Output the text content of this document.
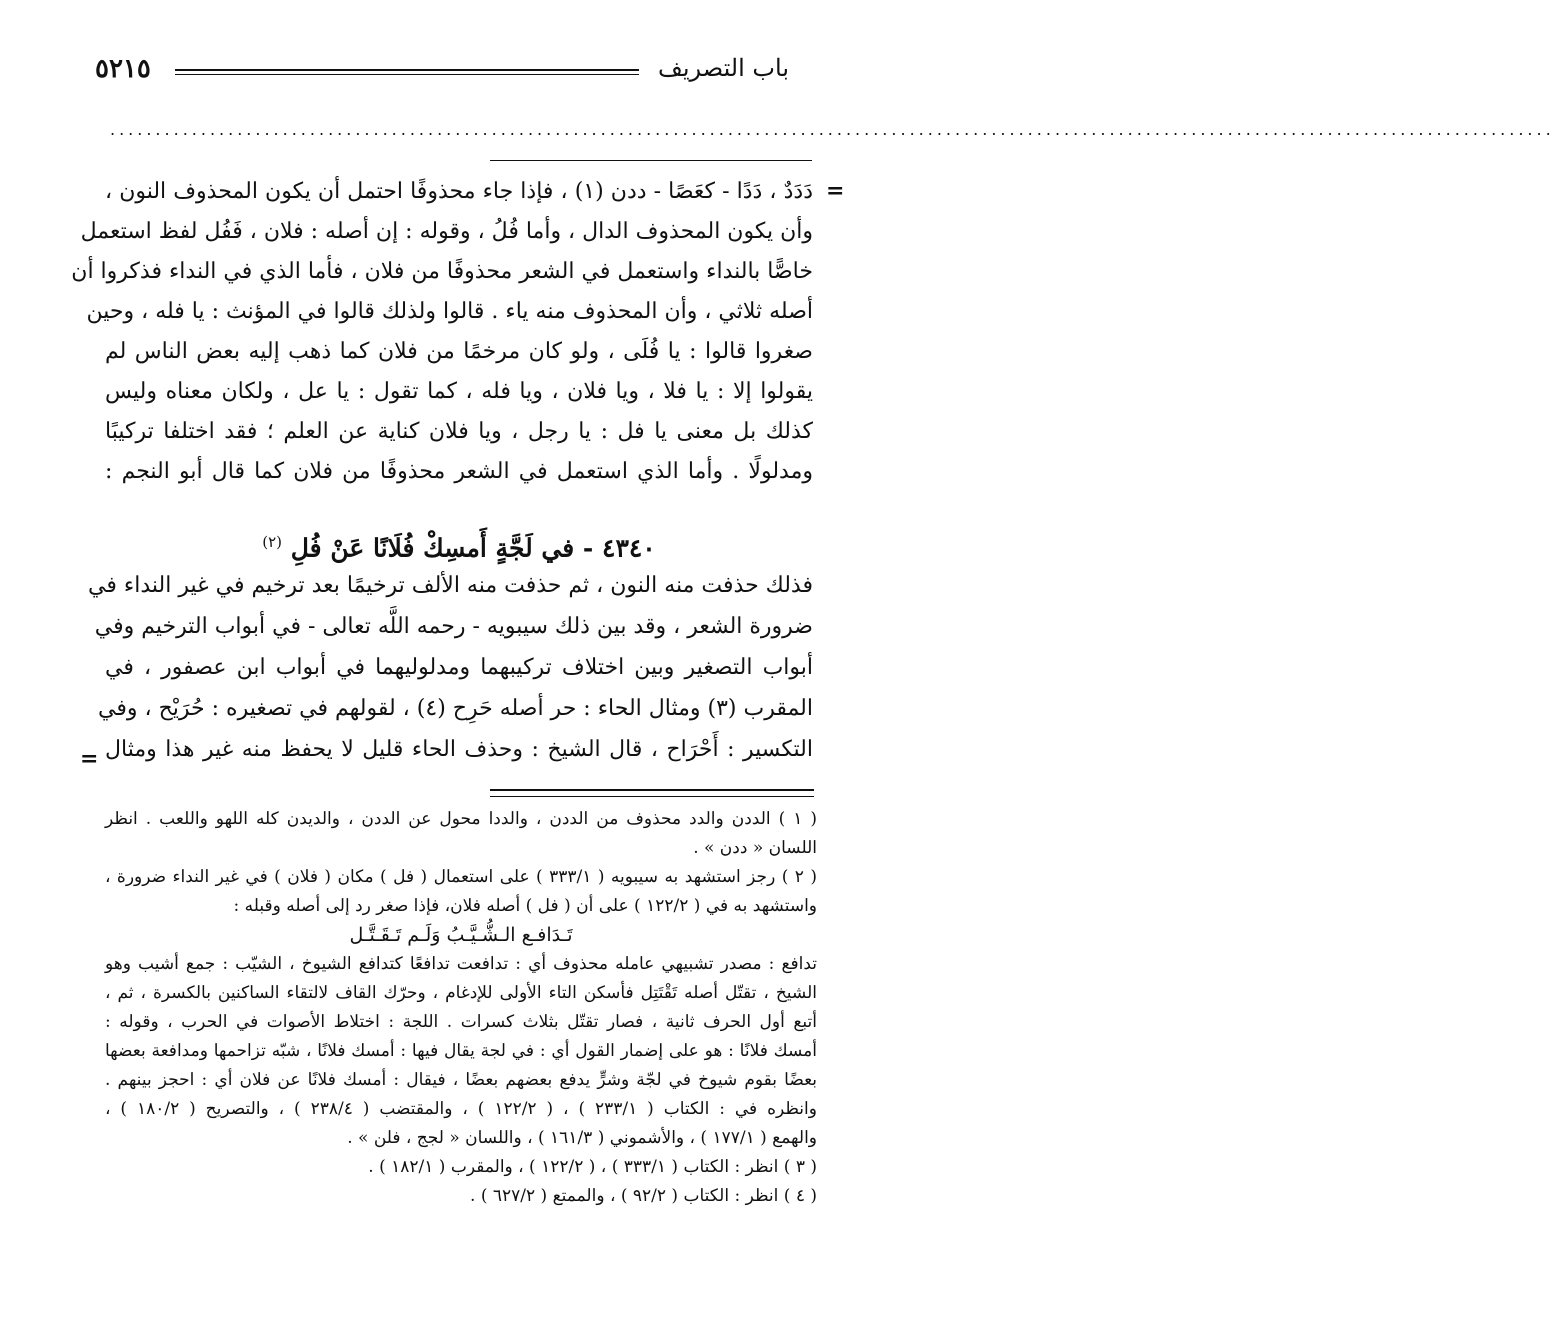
٥٢١٥	باب التصريف
...............................................................................................................................................................
=
دَدَدٌ ، دَدًا - كعَصًا - ددن (١) ، فإذا جاء محذوفًا احتمل أن يكون المحذوف النون ،
وأن يكون المحذوف الدال ، وأما فُلُ ، وقوله : إن أصله : فلان ، فَفُل لفظ استعمل
خاصًّا بالنداء واستعمل في الشعر محذوفًا من فلان ، فأما الذي في النداء فذكروا أن
أصله ثلاثي ، وأن المحذوف منه ياء . قالوا ولذلك قالوا في المؤنث : يا فله ، وحين
صغروا قالوا : يا فُلَى ، ولو كان مرخمًا من فلان كما ذهب إليه بعض الناس لم
يقولوا إلا : يا فلا ، ويا فلان ، ويا فله ، كما تقول : يا عل ، ولكان معناه وليس
كذلك بل معنى يا فل : يا رجل ، ويا فلان كناية عن العلم ؛ فقد اختلفا تركيبًا
ومدلولًا . وأما الذي استعمل في الشعر محذوفًا من فلان كما قال أبو النجم :
٤٣٤٠ - في لَجَّةٍ أَمسِكْ فُلَانًا عَنْ فُلِ $^{(٢)}$
فذلك حذفت منه النون ، ثم حذفت منه الألف ترخيمًا بعد ترخيم في غير النداء في
ضرورة الشعر ، وقد بين ذلك سيبويه - رحمه اللَّه تعالى - في أبواب الترخيم وفي
أبواب التصغير وبين اختلاف تركيبهما ومدلوليهما في أبواب ابن عصفور ، في
المقرب (٣) ومثال الحاء : حر أصله حَرِح (٤) ، لقولهم في تصغيره : حُرَيْح ، وفي
التكسير : أَحْرَاح ، قال الشيخ : وحذف الحاء قليل لا يحفظ منه غير هذا ومثال
=
( ١ ) الددن والدد محذوف من الددن ، والددا محول عن الددن ، والديدن كله اللهو واللعب . انظر
اللسان « ددن » .
( ٢ ) رجز استشهد به سيبويه ( ٣٣٣/١ ) على استعمال ( فل ) مكان ( فلان ) في غير النداء ضرورة ،
واستشهد به في ( ١٢٢/٢ ) على أن ( فل ) أصله فلان، فإذا صغر رد إلى أصله وقبله :
تَـدَافـع الـشُّـيَّـبُ وَلَـم تَـقَـتَّـل
تدافع : مصدر تشبيهي عامله محذوف أي : تدافعت تدافعًا كتدافع الشيوخ ، الشيّب : جمع أشيب وهو
الشيخ ، تقتّل أصله تَقْتَتِل فأسكن التاء الأولى للإدغام ، وحرّك القاف لالتقاء الساكنين بالكسرة ، ثم ،
أتبع أول الحرف ثانية ، فصار تقتّل بثلاث كسرات . اللجة : اختلاط الأصوات في الحرب ، وقوله :
أمسك فلانًا : هو على إضمار القول أي : في لجة يقال فيها : أمسك فلانًا ، شبّه تزاحمها ومدافعة بعضها
بعضًا بقوم شيوخ في لجّة وشرٍّ يدفع بعضهم بعضًا ، فيقال : أمسك فلانًا عن فلان أي : احجز بينهم .
وانظره في : الكتاب ( ٢٣٣/١ ) ، ( ١٢٢/٢ ) ، والمقتضب ( ٢٣٨/٤ ) ، والتصريح ( ١٨٠/٢ ) ،
والهمع ( ١٧٧/١ ) ، والأشموني ( ١٦١/٣ ) ، واللسان « لجج ، فلن » .
( ٣ ) انظر : الكتاب ( ٣٣٣/١ ) ، ( ١٢٢/٢ ) ، والمقرب ( ١٨٢/١ ) .
( ٤ ) انظر : الكتاب ( ٩٢/٢ ) ، والممتع ( ٦٢٧/٢ ) .
